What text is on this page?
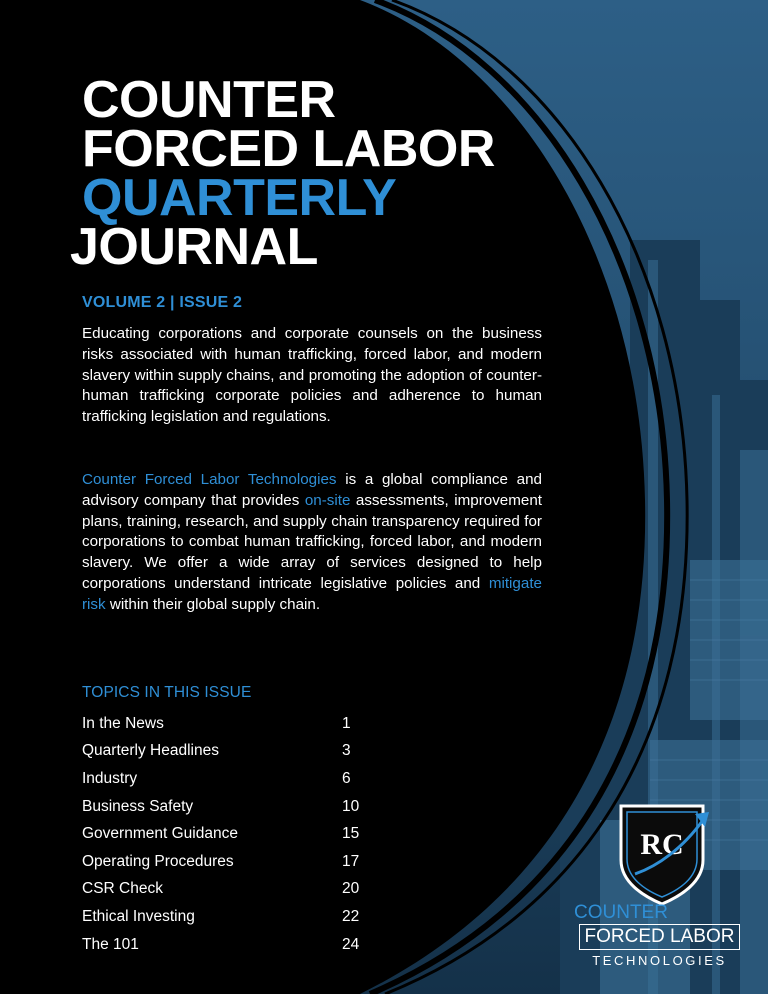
COUNTER
FORCED LABOR
QUARTERLY
JOURNAL
VOLUME 2 | ISSUE 2

Educating corporations and corporate counsels on the business risks associated with human trafficking, forced labor, and modern slavery within supply chains, and promoting the adoption of counter-human trafficking corporate policies and adherence to human trafficking legislation and regulations.

Counter Forced Labor Technologies is a global compliance and advisory company that provides on-site assessments, improvement plans, training, research, and supply chain transparency required for corporations to combat human trafficking, forced labor, and modern slavery. We offer a wide array of services designed to help corporations understand intricate legislative policies and mitigate risk within their global supply chain.

TOPICS IN THIS ISSUE
In the News	1
Quarterly Headlines	3
Industry	6
Business Safety	10
Government Guidance	15
Operating Procedures	17
CSR Check	20
Ethical Investing	22
The 101	24
RC
COUNTER
FORCED LABOR
TECHNOLOGIES
